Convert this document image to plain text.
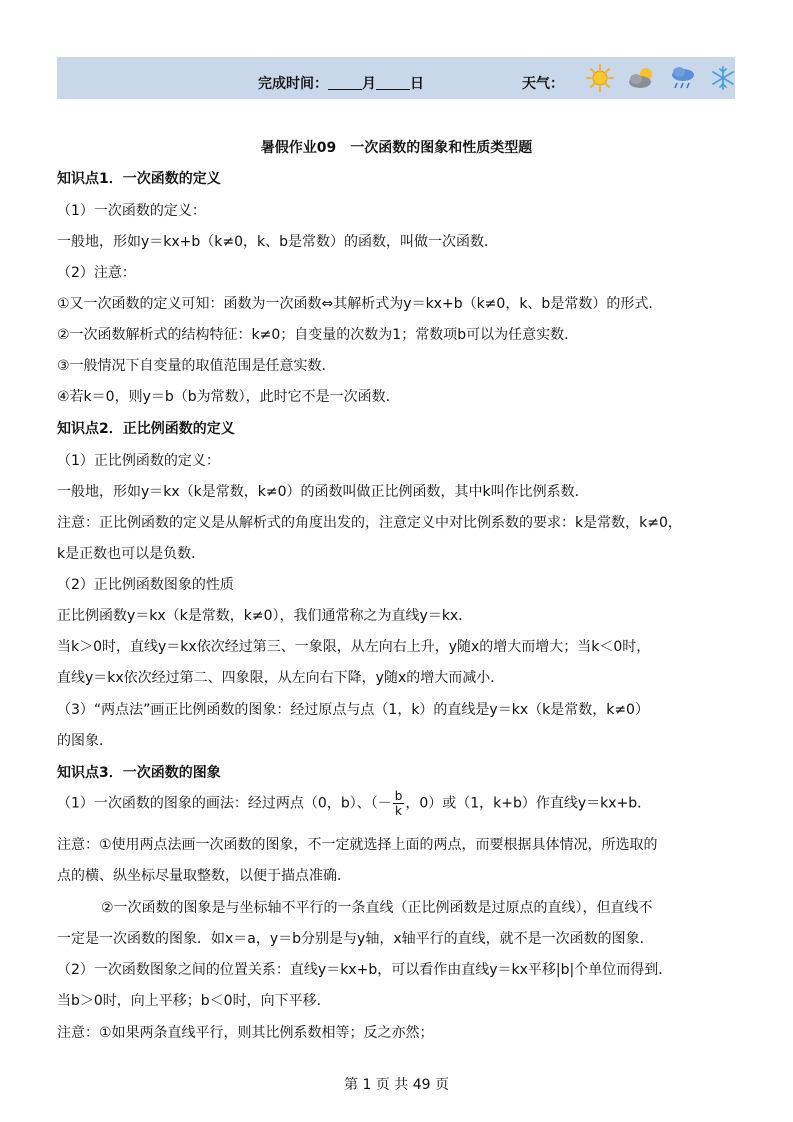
完成时间： 月 日	天气：
暑假作业09　一次函数的图象和性质类型题
知识点1．一次函数的定义
（1）一次函数的定义：
一般地，形如y＝kx+b（k≠0，k、b是常数）的函数，叫做一次函数．
（2）注意：
①又一次函数的定义可知：函数为一次函数⇔其解析式为y＝kx+b（k≠0，k、b是常数）的形式．
②一次函数解析式的结构特征：k≠0；自变量的次数为1；常数项b可以为任意实数．
③一般情况下自变量的取值范围是任意实数．
④若k＝0，则y＝b（b为常数），此时它不是一次函数．
知识点2．正比例函数的定义
（1）正比例函数的定义：
一般地，形如y＝kx（k是常数，k≠0）的函数叫做正比例函数，其中k叫作比例系数．
注意：正比例函数的定义是从解析式的角度出发的，注意定义中对比例系数的要求：k是常数，k≠0，
k是正数也可以是负数．
（2）正比例函数图象的性质
正比例函数y＝kx（k是常数，k≠0），我们通常称之为直线y＝kx．
当k＞0时，直线y＝kx依次经过第三、一象限，从左向右上升，y随x的增大而增大；当k＜0时，
直线y＝kx依次经过第二、四象限，从左向右下降，y随x的增大而减小．
（3）“两点法”画正比例函数的图象：经过原点与点（1，k）的直线是y＝kx（k是常数，k≠0）
的图象．
知识点3．一次函数的图象
（1）一次函数的图象的画法：经过两点（0，b）、（－ $\frac{b}{k}$ ，0）或（1，k+b）作直线y＝kx+b．
注意：①使用两点法画一次函数的图象，不一定就选择上面的两点，而要根据具体情况，所选取的
点的横、纵坐标尽量取整数，以便于描点准确．
②一次函数的图象是与坐标轴不平行的一条直线（正比例函数是过原点的直线），但直线不
一定是一次函数的图象．如x＝a，y＝b分别是与y轴，x轴平行的直线，就不是一次函数的图象．
（2）一次函数图象之间的位置关系：直线y＝kx+b，可以看作由直线y＝kx平移|b|个单位而得到．
当b＞0时，向上平移；b＜0时，向下平移．
注意：①如果两条直线平行，则其比例系数相等；反之亦然；
第 1 页 共 49 页
